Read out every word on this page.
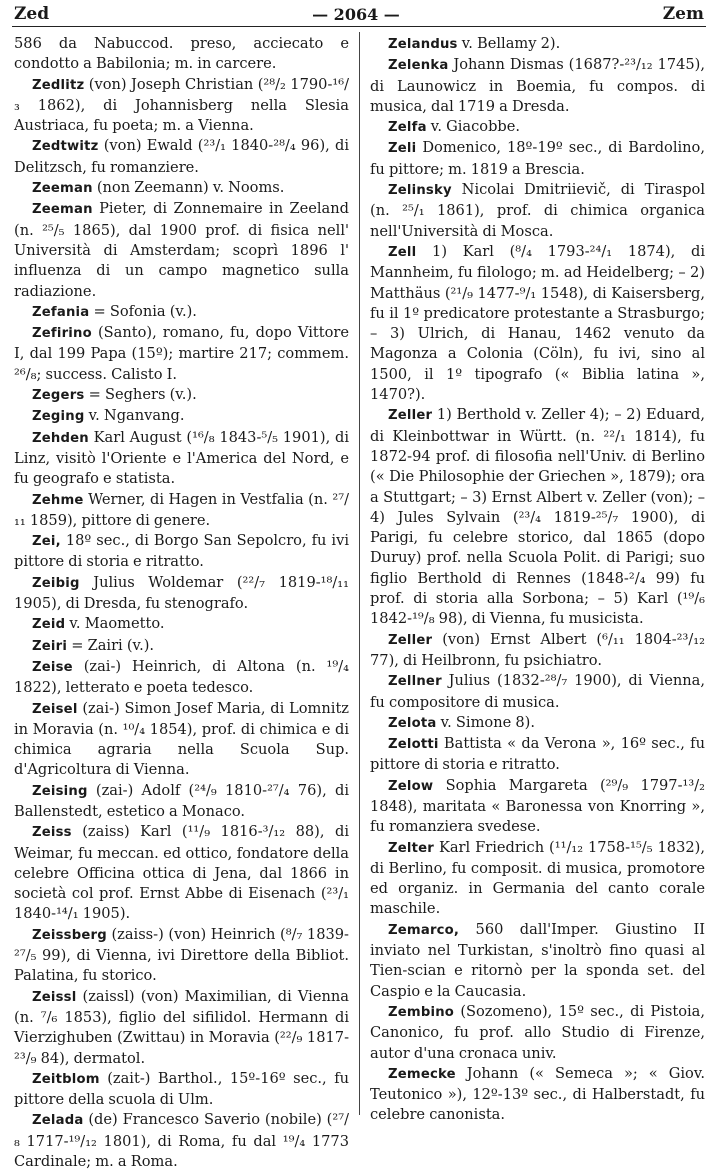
Zed	— 2064 —	Zem

586 da Nabuccod. preso, acciecato e condotto a Babilonia; m. in carcere.

Zedlitz (von) Joseph Christian (²⁸/₂ 1790-¹⁶/₃ 1862), di Johannisberg nella Slesia Austriaca, fu poeta; m. a Vienna.

Zedtwitz (von) Ewald (²³/₁ 1840-²⁸/₄ 96), di Delitzsch, fu romanziere.

Zeeman (non Zeemann) v. Nooms.

Zeeman Pieter, di Zonnemaire in Zeeland (n. ²⁵/₅ 1865), dal 1900 prof. di fisica nell' Università di Amsterdam; scoprì 1896 l' influenza di un campo magnetico sulla radiazione.

Zefania = Sofonia (v.).

Zefirino (Santo), romano, fu, dopo Vittore I, dal 199 Papa (15º); martire 217; commem. ²⁶/₈; success. Calisto I.

Zegers = Seghers (v.).

Zeging v. Nganvang.

Zehden Karl August (¹⁶/₈ 1843-⁵/₅ 1901), di Linz, visitò l'Oriente e l'America del Nord, e fu geografo e statista.

Zehme Werner, di Hagen in Vestfalia (n. ²⁷/₁₁ 1859), pittore di genere.

Zei, 18º sec., di Borgo San Sepolcro, fu ivi pittore di storia e ritratto.

Zeibig Julius Woldemar (²²/₇ 1819-¹⁸/₁₁ 1905), di Dresda, fu stenografo.

Zeid v. Maometto.

Zeiri = Zairi (v.).

Zeise (zai-) Heinrich, di Altona (n. ¹⁹/₄ 1822), letterato e poeta tedesco.

Zeisel (zai-) Simon Josef Maria, di Lomnitz in Moravia (n. ¹⁰/₄ 1854), prof. di chimica e di chimica agraria nella Scuola Sup. d'Agricoltura di Vienna.

Zeising (zai-) Adolf (²⁴/₉ 1810-²⁷/₄ 76), di Ballenstedt, estetico a Monaco.

Zeiss (zaiss) Karl (¹¹/₉ 1816-³/₁₂ 88), di Weimar, fu meccan. ed ottico, fondatore della celebre Officina ottica di Jena, dal 1866 in società col prof. Ernst Abbe di Eisenach (²³/₁ 1840-¹⁴/₁ 1905).

Zeissberg (zaiss-) (von) Heinrich (⁸/₇ 1839-²⁷/₅ 99), di Vienna, ivi Direttore della Bibliot. Palatina, fu storico.

Zeissl (zaissl) (von) Maximilian, di Vienna (n. ⁷/₆ 1853), figlio del sifilidol. Hermann di Vierzighuben (Zwittau) in Moravia (²²/₉ 1817-²³/₉ 84), dermatol.

Zeitblom (zait-) Barthol., 15º-16º sec., fu pittore della scuola di Ulm.

Zelada (de) Francesco Saverio (nobile) (²⁷/₈ 1717-¹⁹/₁₂ 1801), di Roma, fu dal ¹⁹/₄ 1773 Cardinale; m. a Roma.

Zelandus v. Bellamy 2).

Zelenka Johann Dismas (1687?-²³/₁₂ 1745), di Launowicz in Boemia, fu compos. di musica, dal 1719 a Dresda.

Zelfa v. Giacobbe.

Zeli Domenico, 18º-19º sec., di Bardolino, fu pittore; m. 1819 a Brescia.

Zelinsky Nicolai Dmitriievič, di Tiraspol (n. ²⁵/₁ 1861), prof. di chimica organica nell'Università di Mosca.

Zell 1) Karl (⁸/₄ 1793-²⁴/₁ 1874), di Mannheim, fu filologo; m. ad Heidelberg; – 2) Matthäus (²¹/₉ 1477-⁹/₁ 1548), di Kaisersberg, fu il 1º predicatore protestante a Strasburgo; – 3) Ulrich, di Hanau, 1462 venuto da Magonza a Colonia (Cöln), fu ivi, sino al 1500, il 1º tipografo (« Biblia latina », 1470?).

Zeller 1) Berthold v. Zeller 4); – 2) Eduard, di Kleinbottwar in Württ. (n. ²²/₁ 1814), fu 1872-94 prof. di filosofia nell'Univ. di Berlino (« Die Philosophie der Griechen », 1879); ora a Stuttgart; – 3) Ernst Albert v. Zeller (von); – 4) Jules Sylvain (²³/₄ 1819-²⁵/₇ 1900), di Parigi, fu celebre storico, dal 1865 (dopo Duruy) prof. nella Scuola Polit. di Parigi; suo figlio Berthold di Rennes (1848-²/₄ 99) fu prof. di storia alla Sorbona; – 5) Karl (¹⁹/₆ 1842-¹⁹/₈ 98), di Vienna, fu musicista.

Zeller (von) Ernst Albert (⁶/₁₁ 1804-²³/₁₂ 77), di Heilbronn, fu psichiatro.

Zellner Julius (1832-²⁸/₇ 1900), di Vienna, fu compositore di musica.

Zelota v. Simone 8).

Zelotti Battista « da Verona », 16º sec., fu pittore di storia e ritratto.

Zelow Sophia Margareta (²⁹/₉ 1797-¹³/₂ 1848), maritata « Baronessa von Knorring », fu romanziera svedese.

Zelter Karl Friedrich (¹¹/₁₂ 1758-¹⁵/₅ 1832), di Berlino, fu composit. di musica, promotore ed organiz. in Germania del canto corale maschile.

Zemarco, 560 dall'Imper. Giustino II inviato nel Turkistan, s'inoltrò fino quasi al Tien-scian e ritornò per la sponda set. del Caspio e la Caucasia.

Zembino (Sozomeno), 15º sec., di Pistoia, Canonico, fu prof. allo Studio di Firenze, autor d'una cronaca univ.

Zemecke Johann (« Semeca »; « Giov. Teutonico »), 12º-13º sec., di Halberstadt, fu celebre canonista.
